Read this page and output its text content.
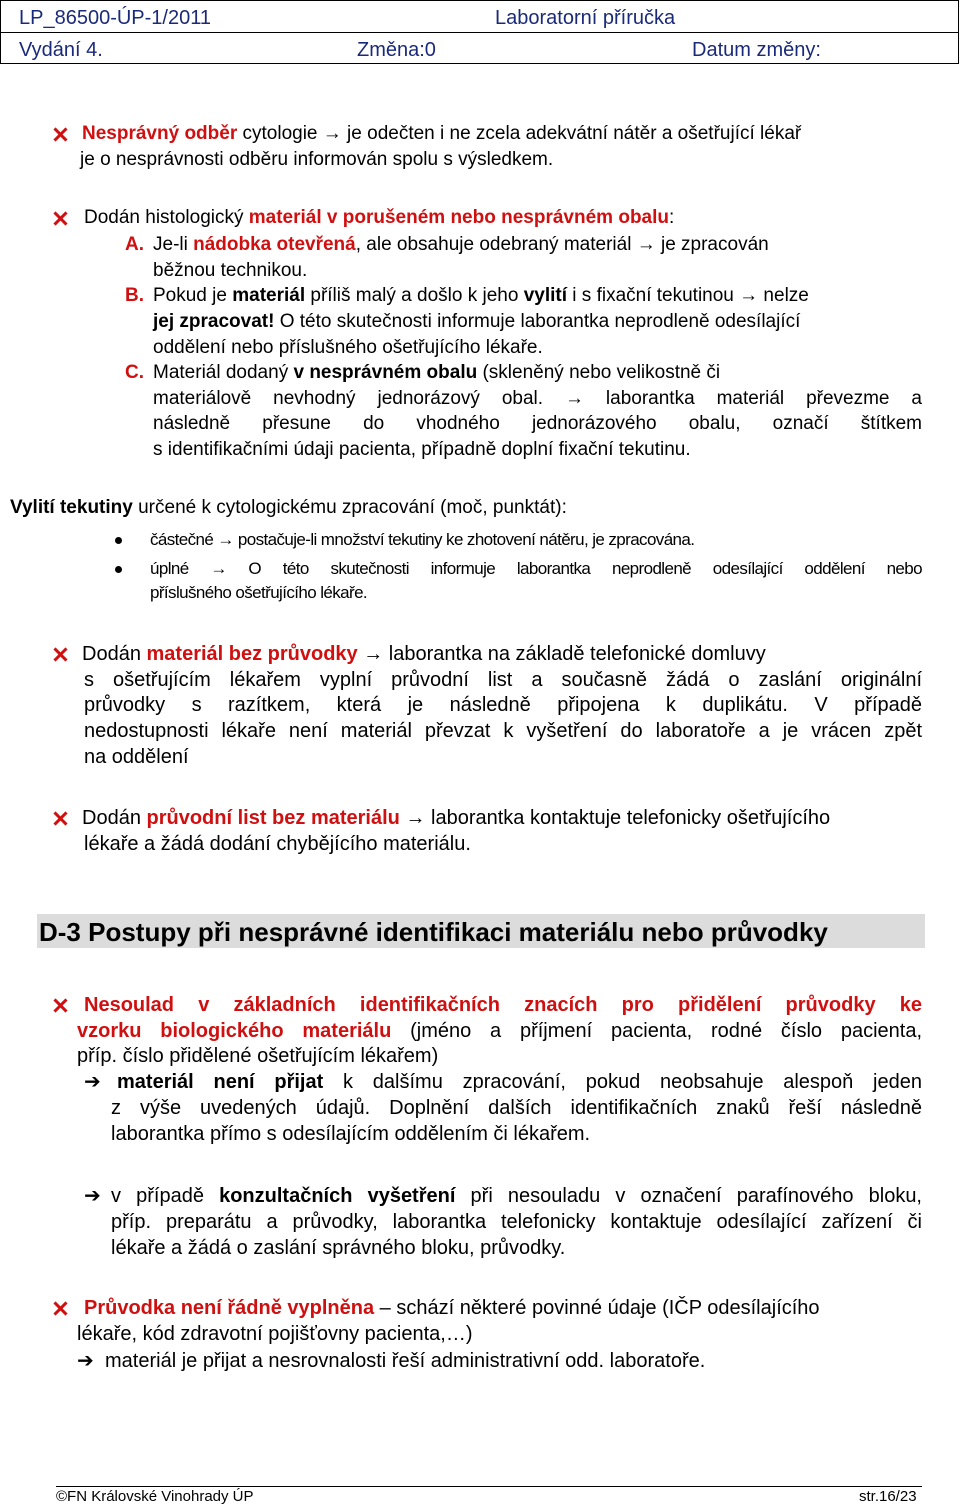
LP_86500-ÚP-1/2011	Laboratorní příručka
Vydání 4.	Změna:0	Datum změny:
Nesprávný odběr cytologie → je odečten i ne zcela adekvátní nátěr a ošetřující lékař
je o nesprávnosti odběru informován spolu s výsledkem.
Dodán histologický materiál v porušeném nebo nesprávném obalu:
A. Je-li nádobka otevřená, ale obsahuje odebraný materiál → je zpracován
běžnou technikou.
B. Pokud je materiál příliš malý a došlo k jeho vylití i s fixační tekutinou → nelze
jej zpracovat! O této skutečnosti informuje laborantka neprodleně odesílající
oddělení nebo příslušného ošetřujícího lékaře.
C. Materiál dodaný v nesprávném obalu (skleněný nebo velikostně či
materiálově nevhodný jednorázový obal. → laborantka materiál převezme a
následně přesune do vhodného jednorázového obalu, označí štítkem
s identifikačními údaji pacienta, případně doplní fixační tekutinu.
Vylití tekutiny určené k cytologickému zpracování (moč, punktát):
částečné → postačuje-li množství tekutiny ke zhotovení nátěru, je zpracována.
úplné → O této skutečnosti informuje laborantka neprodleně odesílající oddělení nebo
příslušného ošetřujícího lékaře.
Dodán materiál bez průvodky → laborantka na základě telefonické domluvy
s ošetřujícím lékařem vyplní průvodní list a současně žádá o zaslání originální
průvodky s razítkem, která je následně připojena k duplikátu. V případě
nedostupnosti lékaře není materiál převzat k vyšetření do laboratoře a je vrácen zpět
na oddělení
Dodán průvodní list bez materiálu → laborantka kontaktuje telefonicky ošetřujícího
lékaře a žádá dodání chybějícího materiálu.
D-3 Postupy při nesprávné identifikaci materiálu nebo průvodky
Nesoulad v základních identifikačních znacích pro přidělení průvodky ke
vzorku biologického materiálu (jméno a příjmení pacienta, rodné číslo pacienta,
příp. číslo přidělené ošetřujícím lékařem)
➔ materiál není přijat k dalšímu zpracování, pokud neobsahuje alespoň jeden
z výše uvedených údajů. Doplnění dalších identifikačních znaků řeší následně
laborantka přímo s odesílajícím oddělením či lékařem.
➔ v případě konzultačních vyšetření při nesouladu v označení parafínového bloku,
příp. preparátu a průvodky, laborantka telefonicky kontaktuje odesílající zařízení či
lékaře a žádá o zaslání správného bloku, průvodky.
Průvodka není řádně vyplněna – schází některé povinné údaje (IČP odesílajícího
lékaře, kód zdravotní pojišťovny pacienta,…)
➔ materiál je přijat a nesrovnalosti řeší administrativní odd. laboratoře.
©FN Královské Vinohrady ÚP	str.16/23
